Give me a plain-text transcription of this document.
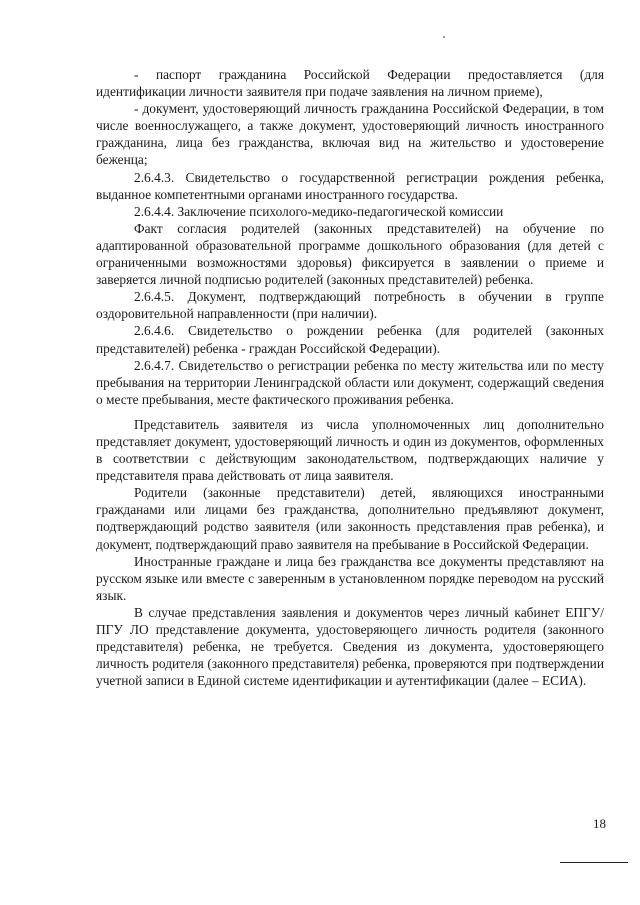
- паспорт гражданина Российской Федерации предоставляется (для идентификации личности заявителя при подаче заявления на личном приеме),

- документ, удостоверяющий личность гражданина Российской Федерации, в том числе военнослужащего, а также документ, удостоверяющий личность иностранного гражданина, лица без гражданства, включая вид на жительство и удостоверение беженца;

2.6.4.3. Свидетельство о государственной регистрации рождения ребенка, выданное компетентными органами иностранного государства.

2.6.4.4. Заключение психолого-медико-педагогической комиссии

Факт согласия родителей (законных представителей) на обучение по адаптированной образовательной программе дошкольного образования (для детей с ограниченными возможностями здоровья) фиксируется в заявлении о приеме и заверяется личной подписью родителей (законных представителей) ребенка.

2.6.4.5. Документ, подтверждающий потребность в обучении в группе оздоровительной направленности (при наличии).

2.6.4.6. Свидетельство о рождении ребенка (для родителей (законных представителей) ребенка - граждан Российской Федерации).

2.6.4.7. Свидетельство о регистрации ребенка по месту жительства или по месту пребывания на территории Ленинградской области или документ, содержащий сведения о месте пребывания, месте фактического проживания ребенка.

Представитель заявителя из числа уполномоченных лиц дополнительно представляет документ, удостоверяющий личность и один из документов, оформленных в соответствии с действующим законодательством, подтверждающих наличие у представителя права действовать от лица заявителя.

Родители (законные представители) детей, являющихся иностранными гражданами или лицами без гражданства, дополнительно предъявляют документ, подтверждающий родство заявителя (или законность представления прав ребенка), и документ, подтверждающий право заявителя на пребывание в Российской Федерации.

Иностранные граждане и лица без гражданства все документы представляют на русском языке или вместе с заверенным в установленном порядке переводом на русский язык.

В случае представления заявления и документов через личный кабинет ЕПГУ/ ПГУ ЛО представление документа, удостоверяющего личность родителя (законного представителя) ребенка, не требуется. Сведения из документа, удостоверяющего личность родителя (законного представителя) ребенка, проверяются при подтверждении учетной записи в Единой системе идентификации и аутентификации (далее – ЕСИА).

18
